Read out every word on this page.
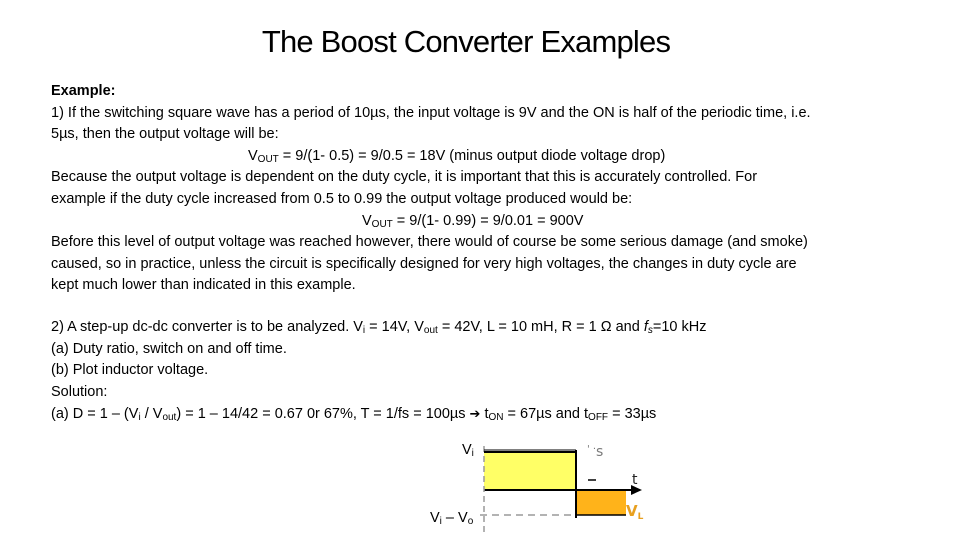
The Boost Converter Examples
Example:
1) If the switching square wave has a period of 10µs, the input voltage is 9V and the ON is half of the periodic time, i.e.
5µs, then the output voltage will be:
$V_{OUT} = 9/(1-$ 0.5) = 9/0.5 = 18V (minus output diode voltage drop)
Because the output voltage is dependent on the duty cycle, it is important that this is accurately controlled. For
example if the duty cycle increased from 0.5 to 0.99 the output voltage produced would be:
$V_{OUT} = 9/(1-$ 0.99) = 9/0.01 = 900V
Before this level of output voltage was reached however, there would of course be some serious damage (and smoke)
caused, so in practice, unless the circuit is specifically designed for very high voltages, the changes in duty cycle are
kept much lower than indicated in this example.
2) A step-up dc-dc converter is to be analyzed. $V_i = 14V$, $V_{out} = 42V$, L = 10 mH, R = 1 Ω and $f_s=10$ kHz
(a) Duty ratio, switch on and off time.
(b) Plot inductor voltage.
Solution:
(a) $D = 1 - (V_i / V_{out}) = 1 - 14/42 = 0.67$ 0r 67%, T = 1/fs = 100µs ➔ $t_{ON} = 67\mu s$ and $t_{OFF} = 33\mu s$
$V_i$
$V_i - V_o$
s
' ·
t
$V_L$
